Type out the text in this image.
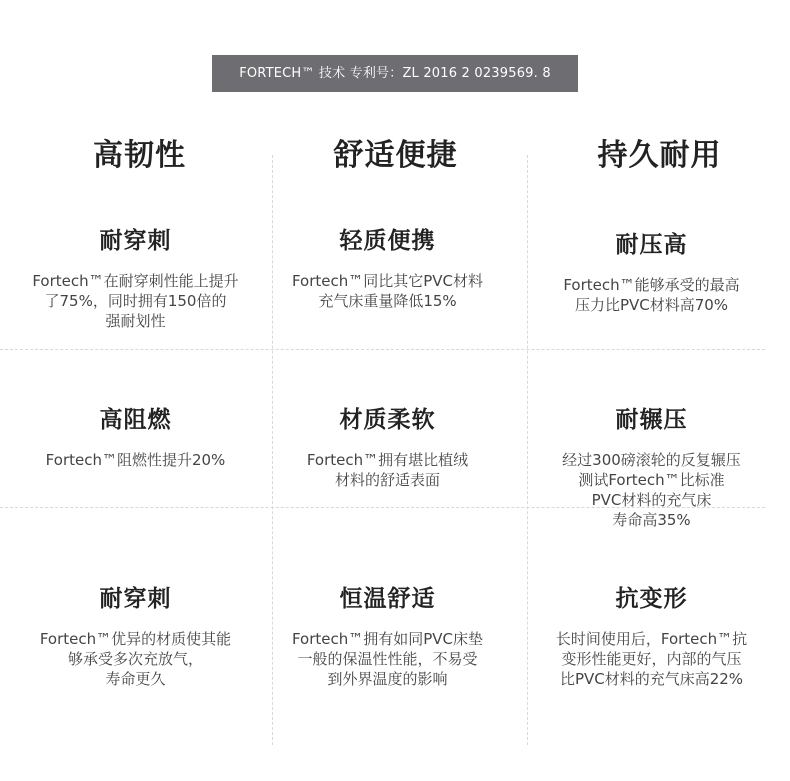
FORTECH™ 技术 专利号：ZL 2016 2 0239569. 8
高韧性	舒适便捷	持久耐用
耐穿刺
Fortech™在耐穿刺性能上提升
了75%，同时拥有150倍的
强耐划性
轻质便携
Fortech™同比其它PVC材料
充气床重量降低15%
耐压高
Fortech™能够承受的最高
压力比PVC材料高70%
高阻燃
Fortech™阻燃性提升20%
材质柔软
Fortech™拥有堪比植绒
材料的舒适表面
耐辗压
经过300磅滚轮的反复辗压
测试Fortech™比标准
PVC材料的充气床
寿命高35%
耐穿刺
Fortech™优异的材质使其能
够承受多次充放气，
寿命更久
恒温舒适
Fortech™拥有如同PVC床垫
一般的保温性性能，不易受
到外界温度的影响
抗变形
长时间使用后，Fortech™抗
变形性能更好，内部的气压
比PVC材料的充气床高22%
